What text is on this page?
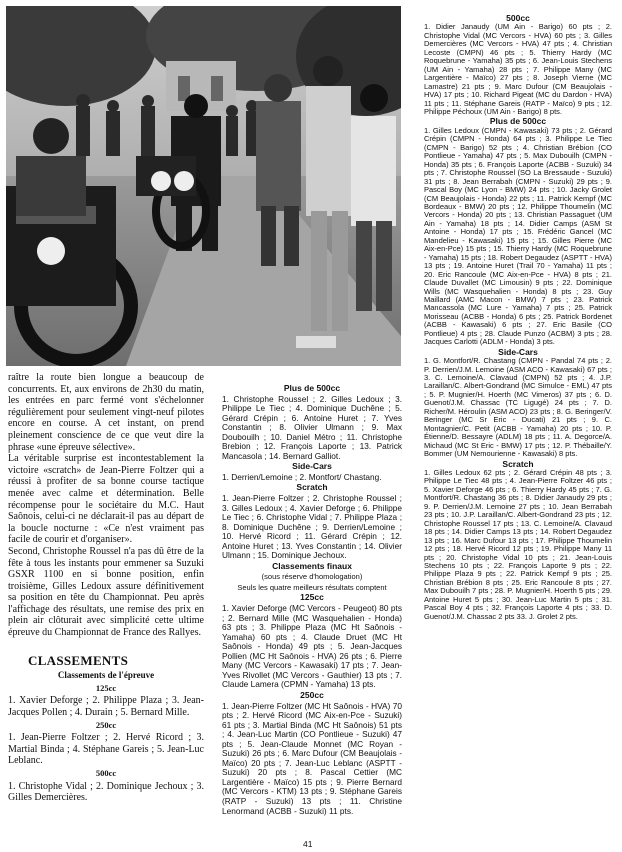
raître la route bien longue a beaucoup de concurrents. Et, aux environs de 2h30 du matin, les entrées en parc fermé vont s'échelonner régulièrement pour seulement vingt-neuf pilotes encore en course. A cet instant, on prend pleinement conscience de ce que veut dire la phrase «une épreuve sélective».

La véritable surprise est incontestablement la victoire «scratch» de Jean-Pierre Foltzer qui a réussi à profiter de sa bonne course tactique menée avec calme et détermination. Belle récompense pour le sociétaire du M.C. Haut Saônois, celui-ci ne déclarait-il pas au départ de la boucle nocturne : «Ce n'est vraiment pas facile de courir et d'organiser».

Second, Christophe Roussel n'a pas dû être de la fête à tous les instants pour emmener sa Suzuki GSXR 1100 en si bonne position, enfin troisième, Gilles Ledoux assure définitivement sa position en tête du Championnat. Peu après l'affichage des résultats, une remise des prix en plein air clôturait avec simplicité cette ultime épreuve du Championnat de France des Rallyes.

CLASSEMENTS
Classements de l'épreuve
125cc

1. Xavier Deforge ; 2. Philippe Plaza ; 3. Jean-Jacques Pollen ; 4. Durain ; 5. Bernard Mille.

250cc

1. Jean-Pierre Foltzer ; 2. Hervé Ricord ; 3. Martial Binda ; 4. Stéphane Gareis ; 5. Jean-Luc Leblanc.

500cc

1. Christophe Vidal ; 2. Dominique Jechoux ; 3. Gilles Demercières.

Plus de 500cc

1. Christophe Roussel ; 2. Gilles Ledoux ; 3. Philippe Le Tiec ; 4. Dominique Duchêne ; 5. Gérard Crépin ; 6. Antoine Huret ; 7. Yves Constantin ; 8. Olivier Ulmann ; 9. Max Doubouilh ; 10. Daniel Métro ; 11. Christophe Brebion ; 12. François Laporte ; 13. Patrick Mancasola ; 14. Bernard Galliot.

Side-Cars

1. Derrien/Lemoine ; 2. Montfort/ Chastang.

Scratch

1. Jean-Pierre Foltzer ; 2. Christophe Roussel ; 3. Gilles Ledoux ; 4. Xavier Deforge ; 6. Philippe Le Tiec ; 6. Christophe Vidal ; 7. Philippe Plaza ; 8. Dominique Duchêne ; 9. Derrien/Lemoine ; 10. Hervé Ricord ; 11. Gérard Crépin ; 12. Antoine Huret ; 13. Yves Constantin ; 14. Olivier Ulmann ; 15. Dominique Jechoux.

Classements finaux
(sous réserve d'homologation)
Seuls les quatre meilleurs résultats comptent
125cc

1. Xavier Deforge (MC Vercors - Peugeot) 80 pts ; 2. Bernard Mille (MC Wasquehalien - Honda) 63 pts ; 3. Philippe Plaza (MC Ht Saônois - Yamaha) 60 pts ; 4. Claude Druet (MC Ht Saônois - Honda) 49 pts ; 5. Jean-Jacques Pollien (MC Ht Saônois - HVA) 26 pts ; 6. Pierre Many (MC Vercors - Kawasaki) 17 pts ; 7. Jean-Yves Rivollet (MC Vercors - Gauthier) 13 pts ; 7. Claude Lamera (CPMN - Yamaha) 13 pts.

250cc

1. Jean-Pierre Foltzer (MC Ht Saônois - HVA) 70 pts ; 2. Hervé Ricord (MC Aix-en-Pce - Suzuki) 61 pts ; 3. Martial Binda (MC Ht Saônois) 51 pts ; 4. Jean-Luc Martin (CO Pontlieue - Suzuki) 47 pts ; 5. Jean-Claude Monnet (MC Royan - Suzuki) 26 pts ; 6. Marc Dufour (CM Beaujolais - Maïco) 20 pts ; 7. Jean-Luc Leblanc (ASPTT - Suzuki) 20 pts ; 8. Pascal Cettier (MC Largentière - Maïco) 15 pts ; 9. Pierre Bernard (MC Vercors - KTM) 13 pts ; 9. Stéphane Gareis (RATP - Suzuki) 13 pts ; 11. Christine Lenormand (ACBB - Suzuki) 11 pts.

500cc

1. Didier Janaudy (UM Ain - Barigo) 60 pts ; 2. Christophe Vidal (MC Vercors - HVA) 60 pts ; 3. Gilles Demercières (MC Vercors - HVA) 47 pts ; 4. Christian Lecoste (CMPN) 46 pts ; 5. Thierry Hardy (MC Roquebrune - Yamaha) 35 pts ; 6. Jean-Louis Stechens (UM Ain - Yamaha) 28 pts ; 7. Philippe Many (MC Largentière - Maïco) 27 pts ; 8. Joseph Vierne (MC Lamastre) 21 pts ; 9. Marc Dufour (CM Beaujolais - HVA) 17 pts ; 10. Richard Pigeat (MC du Dardon - HVA) 11 pts ; 11. Stéphane Gareis (RATP - Maïco) 9 pts ; 12. Philippe Péchoux (UM Ain - Barigo) 8 pts.

Plus de 500cc

1. Gilles Ledoux (CMPN - Kawasaki) 73 pts ; 2. Gérard Crépin (CMPN - Honda) 64 pts ; 3. Philippe Le Tiec (CMPN - Barigo) 52 pts ; 4. Christian Brébion (CO Pontlieue - Yamaha) 47 pts ; 5. Max Dubouilh (CMPN - Honda) 35 pts ; 6. François Laporte (ACBB - Suzuki) 34 pts ; 7. Christophe Roussel (SO La Bressaude - Suzuki) 31 pts ; 8. Jean Berrabah (CMPN - Suzuki) 29 pts ; 9. Pascal Boy (MC Lyon - BMW) 24 pts ; 10. Jacky Grolet (CM Beaujolais - Honda) 22 pts ; 11. Patrick Kempf (MC Bordeaux - BMW) 20 pts ; 12. Philippe Thoumelin (MC Vercors - Honda) 20 pts ; 13. Christian Passaguet (UM Ain - Yamaha) 18 pts ; 14. Didier Camps (ASM St Antoine - Honda) 17 pts ; 15. Frédéric Gancel (MC Mandelieu - Kawasaki) 15 pts ; 15. Gilles Pierre (MC Aix-en-Pce) 15 pts ; 15. Thierry Hardy (MC Roquebrune - Yamaha) 15 pts ; 18. Robert Degaudez (ASPTT - HVA) 13 pts ; 19. Antoine Huret (Trail 70 - Yamaha) 11 pts ; 20. Eric Rancoule (MC Aix-en-Pce - HVA) 8 pts ; 21. Claude Duvallet (MC Limousin) 9 pts ; 22. Dominique Wills (MC Wasquehalien - Honda) 8 pts ; 23. Guy Maillard (AMC Macon - BMW) 7 pts ; 23. Patrick Mancassola (MC Lure - Yamaha) 7 pts ; 25. Patrick Morisseau (ACBB - Honda) 6 pts ; 25. Patrick Bordenet (ACBB - Kawasaki) 6 pts ; 27. Eric Basile (CO Pontlieue) 4 pts ; 28. Claude Punzo (ACBM) 3 pts ; 28. Jacques Carlotti (ADLM - Honda) 3 pts.

Side-Cars

1. G. Montfort/R. Chastang (CMPN - Pandal 74 pts ; 2. P. Derrien/J.M. Lemoine (ASM ACO - Kawasaki) 67 pts ; 3. C. Lemoine/A. Clavaud (CMPN) 52 pts ; 4. J.P. Laraillan/C. Albert-Gondrand (MC Simulce - EML) 47 pts ; 5. P. Mugnier/H. Hoerth (MC Vimeros) 37 pts ; 6. D. Guenot/J.M. Chassac (TC Ligugé) 24 pts ; 7. D. Richer/M. Héroulin (ASM ACO) 23 pts ; 8. G. Beringer/V. Beringer (MC Sr Eric - Ducati) 21 pts ; 9. C. Montagnier/C. Petit (ACBB - Yamaha) 20 pts ; 10. P. Étienne/D. Bessayre (ADLM) 18 pts ; 11. A. Degorce/A. Michaud (MC St Eric - BMW) 17 pts ; 12. P. Thébaille/Y. Bommer (UM Nemourienne - Kawasaki) 8 pts.

Scratch

1. Gilles Ledoux 62 pts ; 2. Gérard Crépin 48 pts ; 3. Philippe Le Tiec 48 pts ; 4. Jean-Pierre Foltzer 46 pts ; 5. Xavier Deforge 46 pts ; 6. Thierry Hardy 45 pts ; 7. G. Montfort/R. Chastang 36 pts ; 8. Didier Janaudy 29 pts ; 9. P. Derrien/J.M. Lemoine 27 pts ; 10. Jean Berrabah 23 pts ; 10. J.P. Laraillan/C. Albert-Gondrand 23 pts ; 12. Christophe Roussel 17 pts ; 13. C. Lemoine/A. Clavaud 18 pts ; 14. Didier Camps 13 pts ; 14. Robert Degaudez 13 pts ; 16. Marc Dufour 13 pts ; 17. Philippe Thoumelin 12 pts ; 18. Hervé Ricord 12 pts ; 19. Philippe Many 11 pts ; 20. Christophe Vidal 10 pts ; 21. Jean-Louis Stechens 10 pts ; 22. François Laporte 9 pts ; 22. Philippe Plaza 9 pts ; 22. Patrick Kempf 9 pts ; 25. Christian Brébion 8 pts ; 25. Eric Rancoule 8 pts ; 27. Max Dubouilh 7 pts ; 28. P. Mugnier/H. Hoerth 5 pts ; 29. Antoine Huret 5 pts ; 30. Jean-Luc Martin 5 pts ; 31. Pascal Boy 4 pts ; 32. François Laporte 4 pts ; 33. D. Guenot/J.M. Chassac 2 pts 33. J. Grolet 2 pts.

41
